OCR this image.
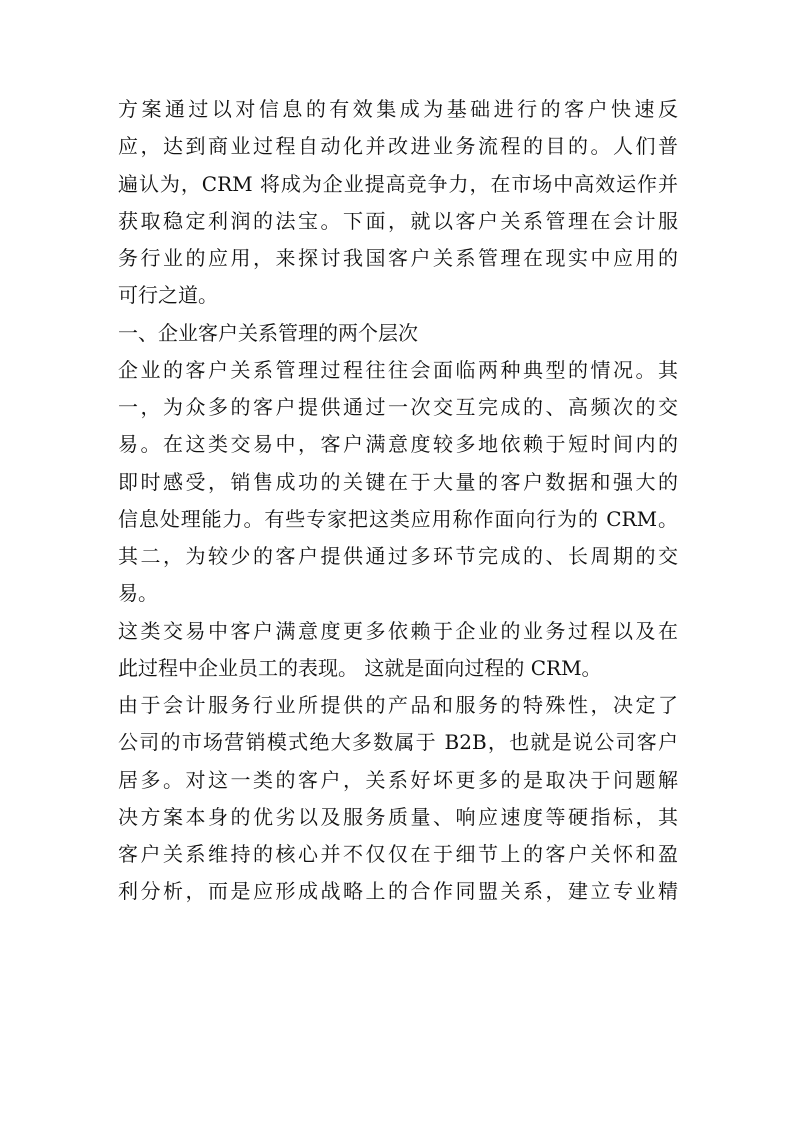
方案通过以对信息的有效集成为基础进行的客户快速反
应，达到商业过程自动化并改进业务流程的目的。人们普
遍认为，CRM 将成为企业提高竞争力，在市场中高效运作并
获取稳定利润的法宝。下面，就以客户关系管理在会计服
务行业的应用，来探讨我国客户关系管理在现实中应用的
可行之道。
一、企业客户关系管理的两个层次
企业的客户关系管理过程往往会面临两种典型的情况。其
一，为众多的客户提供通过一次交互完成的、高频次的交
易。在这类交易中，客户满意度较多地依赖于短时间内的
即时感受，销售成功的关键在于大量的客户数据和强大的
信息处理能力。有些专家把这类应用称作面向行为的 CRM。
其二，为较少的客户提供通过多环节完成的、长周期的交
易。
这类交易中客户满意度更多依赖于企业的业务过程以及在
此过程中企业员工的表现。 这就是面向过程的 CRM。
由于会计服务行业所提供的产品和服务的特殊性，决定了
公司的市场营销模式绝大多数属于 B2B，也就是说公司客户
居多。对这一类的客户，关系好坏更多的是取决于问题解
决方案本身的优劣以及服务质量、响应速度等硬指标，其
客户关系维持的核心并不仅仅在于细节上的客户关怀和盈
利分析，而是应形成战略上的合作同盟关系，建立专业精
